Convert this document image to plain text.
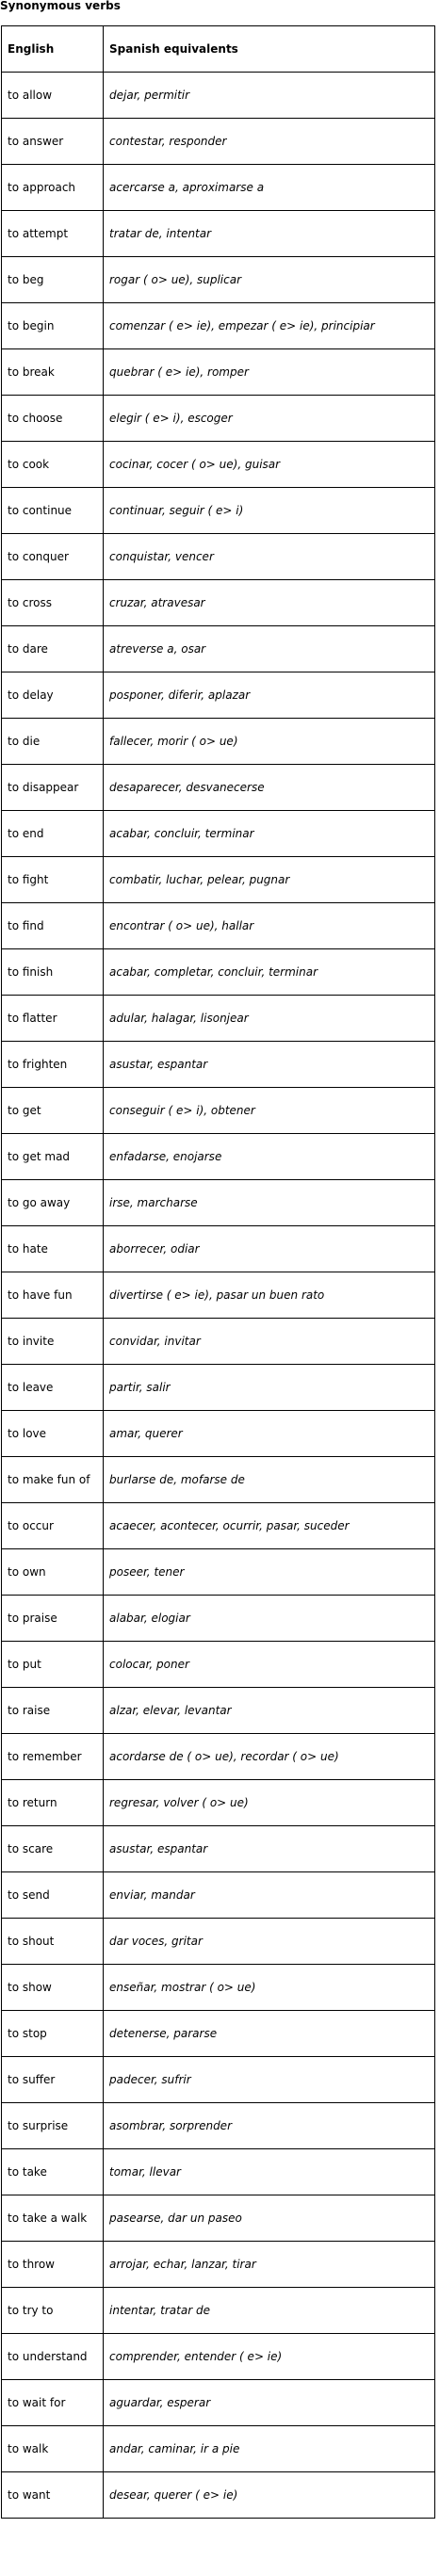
Synonymous verbs
English	Spanish equivalents
to allow	dejar, permitir
to answer	contestar, responder
to approach	acercarse a, aproximarse a
to attempt	tratar de, intentar
to beg	rogar ( o> ue), suplicar
to begin	comenzar ( e> ie), empezar ( e> ie), principiar
to break	quebrar ( e> ie), romper
to choose	elegir ( e> i), escoger
to cook	cocinar, cocer ( o> ue), guisar
to continue	continuar, seguir ( e> i)
to conquer	conquistar, vencer
to cross	cruzar, atravesar
to dare	atreverse a, osar
to delay	posponer, diferir, aplazar
to die	fallecer, morir ( o> ue)
to disappear	desaparecer, desvanecerse
to end	acabar, concluir, terminar
to fight	combatir, luchar, pelear, pugnar
to find	encontrar ( o> ue), hallar
to finish	acabar, completar, concluir, terminar
to flatter	adular, halagar, lisonjear
to frighten	asustar, espantar
to get	conseguir ( e> i), obtener
to get mad	enfadarse, enojarse
to go away	irse, marcharse
to hate	aborrecer, odiar
to have fun	divertirse ( e> ie), pasar un buen rato
to invite	convidar, invitar
to leave	partir, salir
to love	amar, querer
to make fun of	burlarse de, mofarse de
to occur	acaecer, acontecer, ocurrir, pasar, suceder
to own	poseer, tener
to praise	alabar, elogiar
to put	colocar, poner
to raise	alzar, elevar, levantar
to remember	acordarse de ( o> ue), recordar ( o> ue)
to return	regresar, volver ( o> ue)
to scare	asustar, espantar
to send	enviar, mandar
to shout	dar voces, gritar
to show	enseñar, mostrar ( o> ue)
to stop	detenerse, pararse
to suffer	padecer, sufrir
to surprise	asombrar, sorprender
to take	tomar, llevar
to take a walk	pasearse, dar un paseo
to throw	arrojar, echar, lanzar, tirar
to try to	intentar, tratar de
to understand	comprender, entender ( e> ie)
to wait for	aguardar, esperar
to walk	andar, caminar, ir a pie
to want	desear, querer ( e> ie)
